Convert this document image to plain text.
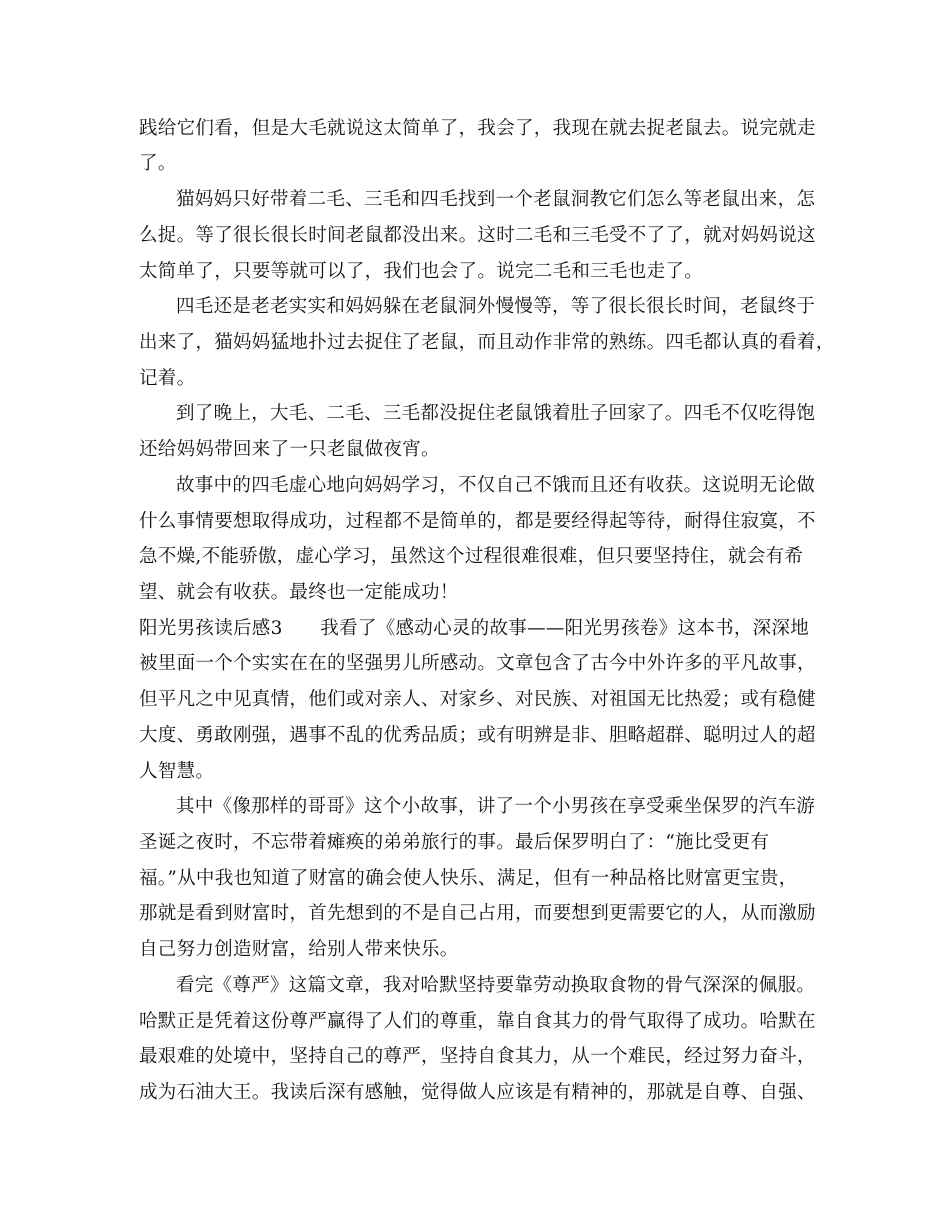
践给它们看，但是大毛就说这太简单了，我会了，我现在就去捉老鼠去。说完就走
了。
猫妈妈只好带着二毛、三毛和四毛找到一个老鼠洞教它们怎么等老鼠出来，怎
么捉。等了很长很长时间老鼠都没出来。这时二毛和三毛受不了了，就对妈妈说这
太简单了，只要等就可以了，我们也会了。说完二毛和三毛也走了。
四毛还是老老实实和妈妈躲在老鼠洞外慢慢等，等了很长很长时间，老鼠终于
出来了，猫妈妈猛地扑过去捉住了老鼠，而且动作非常的熟练。四毛都认真的看着，
记着。
到了晚上，大毛、二毛、三毛都没捉住老鼠饿着肚子回家了。四毛不仅吃得饱
还给妈妈带回来了一只老鼠做夜宵。
故事中的四毛虚心地向妈妈学习，不仅自己不饿而且还有收获。这说明无论做
什么事情要想取得成功，过程都不是简单的，都是要经得起等待，耐得住寂寞，不
急不燥,不能骄傲，虚心学习，虽然这个过程很难很难，但只要坚持住，就会有希
望、就会有收获。最终也一定能成功！
阳光男孩读后感3　　我看了《感动心灵的故事——阳光男孩卷》这本书，深深地
被里面一个个实实在在的坚强男儿所感动。文章包含了古今中外许多的平凡故事，
但平凡之中见真情，他们或对亲人、对家乡、对民族、对祖国无比热爱；或有稳健
大度、勇敢刚强，遇事不乱的优秀品质；或有明辨是非、胆略超群、聪明过人的超
人智慧。
其中《像那样的哥哥》这个小故事，讲了一个小男孩在享受乘坐保罗的汽车游
圣诞之夜时，不忘带着瘫痪的弟弟旅行的事。最后保罗明白了：“施比受更有
福。”从中我也知道了财富的确会使人快乐、满足，但有一种品格比财富更宝贵，
那就是看到财富时，首先想到的不是自己占用，而要想到更需要它的人，从而激励
自己努力创造财富，给别人带来快乐。
看完《尊严》这篇文章，我对哈默坚持要靠劳动换取食物的骨气深深的佩服。
哈默正是凭着这份尊严赢得了人们的尊重，靠自食其力的骨气取得了成功。哈默在
最艰难的处境中，坚持自己的尊严，坚持自食其力，从一个难民，经过努力奋斗，
成为石油大王。我读后深有感触，觉得做人应该是有精神的，那就是自尊、自强、
